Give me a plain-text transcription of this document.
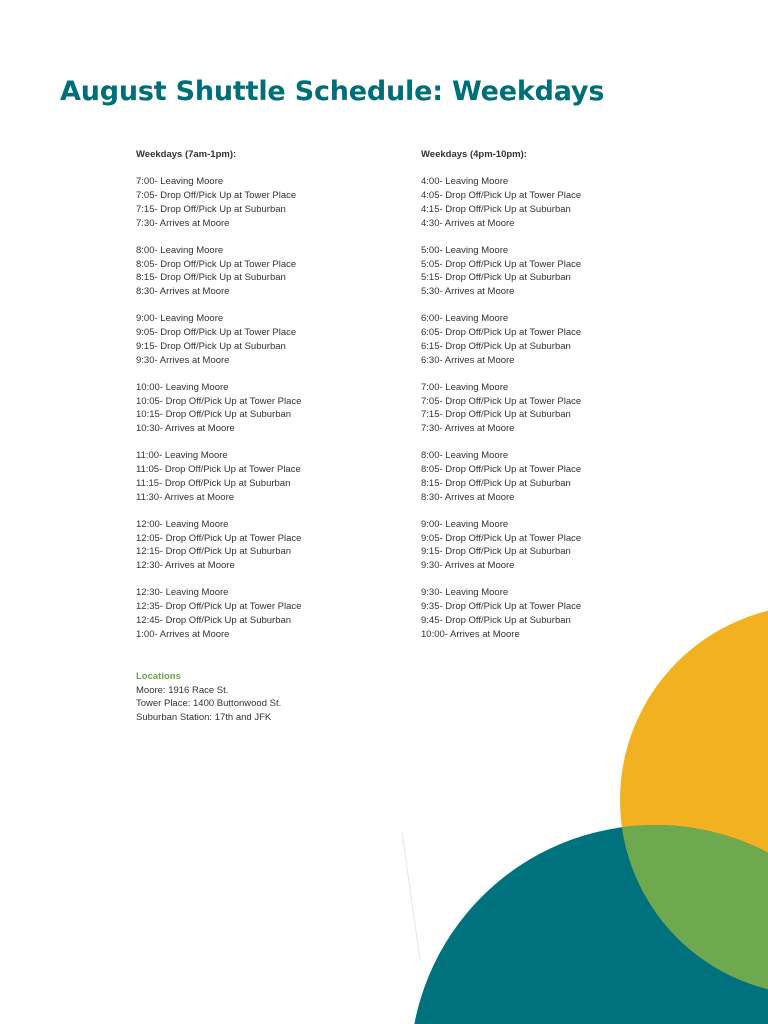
August Shuttle Schedule: Weekdays
Weekdays (7am-1pm):
7:00- Leaving Moore
7:05- Drop Off/Pick Up at Tower Place
7:15- Drop Off/Pick Up at Suburban
7:30- Arrives at Moore
8:00- Leaving Moore
8:05- Drop Off/Pick Up at Tower Place
8:15- Drop Off/Pick Up at Suburban
8:30- Arrives at Moore
9:00- Leaving Moore
9:05- Drop Off/Pick Up at Tower Place
9:15- Drop Off/Pick Up at Suburban
9:30- Arrives at Moore
10:00- Leaving Moore
10:05- Drop Off/Pick Up at Tower Place
10:15- Drop Off/Pick Up at Suburban
10:30- Arrives at Moore
11:00- Leaving Moore
11:05- Drop Off/Pick Up at Tower Place
11:15- Drop Off/Pick Up at Suburban
11:30- Arrives at Moore
12:00- Leaving Moore
12:05- Drop Off/Pick Up at Tower Place
12:15- Drop Off/Pick Up at Suburban
12:30- Arrives at Moore
12:30- Leaving Moore
12:35- Drop Off/Pick Up at Tower Place
12:45- Drop Off/Pick Up at Suburban
1:00- Arrives at Moore
Weekdays (4pm-10pm):
4:00- Leaving Moore
4:05- Drop Off/Pick Up at Tower Place
4:15- Drop Off/Pick Up at Suburban
4:30- Arrives at Moore
5:00- Leaving Moore
5:05- Drop Off/Pick Up at Tower Place
5:15- Drop Off/Pick Up at Suburban
5:30- Arrives at Moore
6:00- Leaving Moore
6:05- Drop Off/Pick Up at Tower Place
6:15- Drop Off/Pick Up at Suburban
6:30- Arrives at Moore
7:00- Leaving Moore
7:05- Drop Off/Pick Up at Tower Place
7:15- Drop Off/Pick Up at Suburban
7:30- Arrives at Moore
8:00- Leaving Moore
8:05- Drop Off/Pick Up at Tower Place
8:15- Drop Off/Pick Up at Suburban
8:30- Arrives at Moore
9:00- Leaving Moore
9:05- Drop Off/Pick Up at Tower Place
9:15- Drop Off/Pick Up at Suburban
9:30- Arrives at Moore
9:30- Leaving Moore
9:35- Drop Off/Pick Up at Tower Place
9:45- Drop Off/Pick Up at Suburban
10:00- Arrives at Moore
Locations
Moore: 1916 Race St.
Tower Place: 1400 Buttonwood St.
Suburban Station: 17th and JFK
